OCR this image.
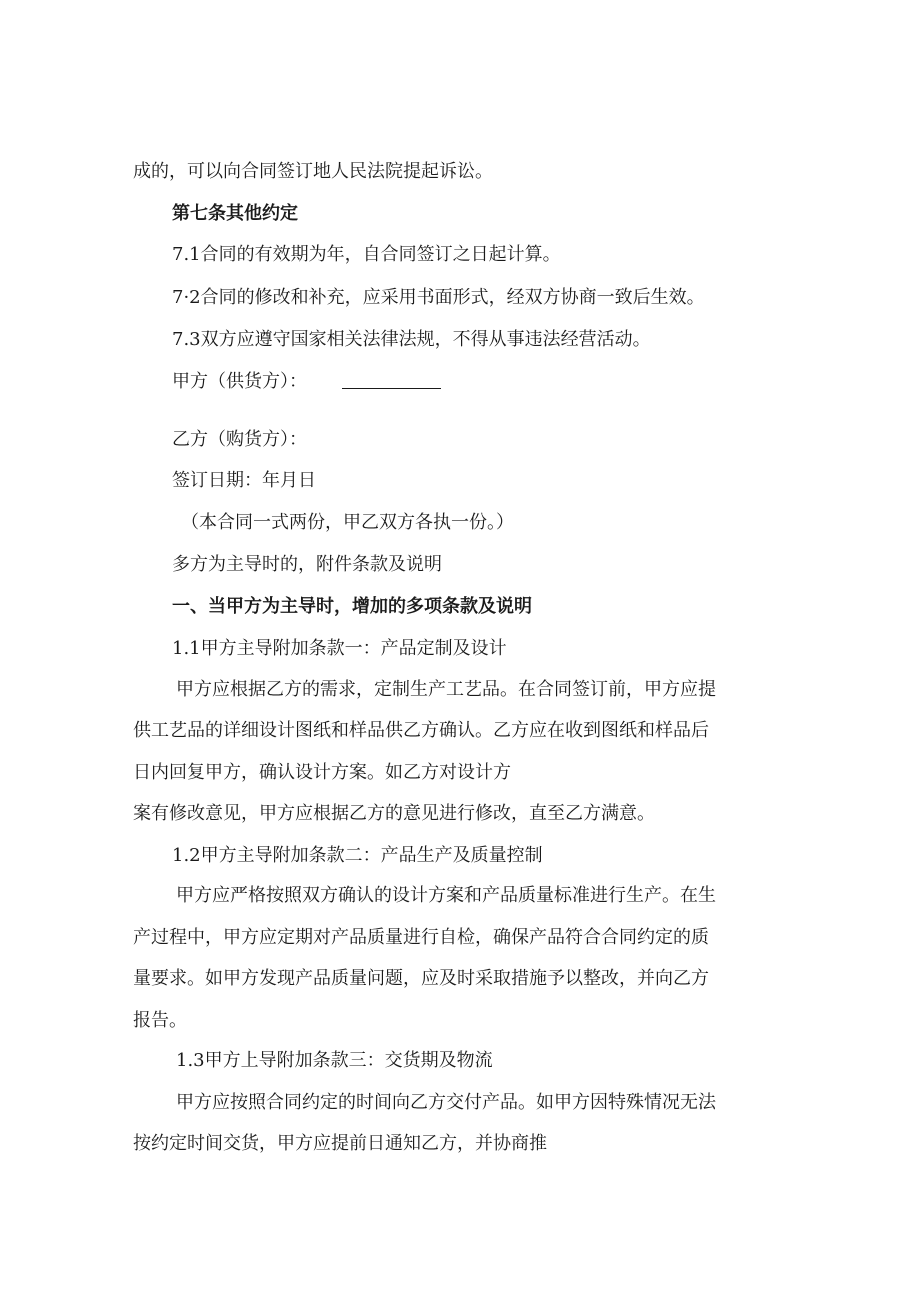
成的，可以向合同签订地人民法院提起诉讼。
第七条其他约定
7.1合同的有效期为年，自合同签订之日起计算。
7·2合同的修改和补充，应采用书面形式，经双方协商一致后生效。
7.3双方应遵守国家相关法律法规，不得从事违法经营活动。
甲方（供货方）：
乙方（购货方）：
签订日期：年月日
（本合同一式两份，甲乙双方各执一份。）
多方为主导时的，附件条款及说明
一、当甲方为主导时，增加的多项条款及说明
1.1甲方主导附加条款一：产品定制及设计
甲方应根据乙方的需求，定制生产工艺品。在合同签订前，甲方应提
供工艺品的详细设计图纸和样品供乙方确认。乙方应在收到图纸和样品后
日内回复甲方，确认设计方案。如乙方对设计方
案有修改意见，甲方应根据乙方的意见进行修改，直至乙方满意。
1.2甲方主导附加条款二：产品生产及质量控制
甲方应严格按照双方确认的设计方案和产品质量标准进行生产。在生
产过程中，甲方应定期对产品质量进行自检，确保产品符合合同约定的质
量要求。如甲方发现产品质量问题，应及时采取措施予以整改，并向乙方
报告。
1.3甲方上导附加条款三：交货期及物流
甲方应按照合同约定的时间向乙方交付产品。如甲方因特殊情况无法
按约定时间交货，甲方应提前日通知乙方，并协商推
